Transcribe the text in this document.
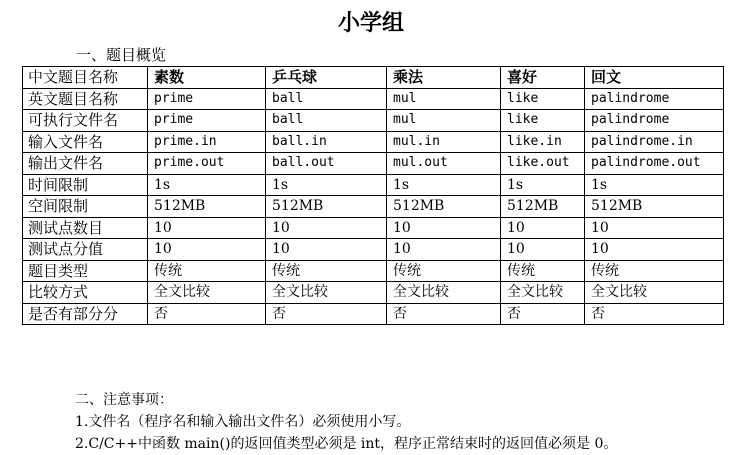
小学组
一、题目概览
中文题目名称	素数	乒乓球	乘法	喜好	回文
英文题目名称	prime	ball	mul	like	palindrome
可执行文件名	prime	ball	mul	like	palindrome
输入文件名	prime.in	ball.in	mul.in	like.in	palindrome.in
输出文件名	prime.out	ball.out	mul.out	like.out	palindrome.out
时间限制	1s	1s	1s	1s	1s
空间限制	512MB	512MB	512MB	512MB	512MB
测试点数目	10	10	10	10	10
测试点分值	10	10	10	10	10
题目类型	传统	传统	传统	传统	传统
比较方式	全文比较	全文比较	全文比较	全文比较	全文比较
是否有部分分	否	否	否	否	否
二、注意事项：
1.文件名（程序名和输入输出文件名）必须使用小写。
2.C/C++中函数 main()的返回值类型必须是 int，程序正常结束时的返回值必须是 0。
